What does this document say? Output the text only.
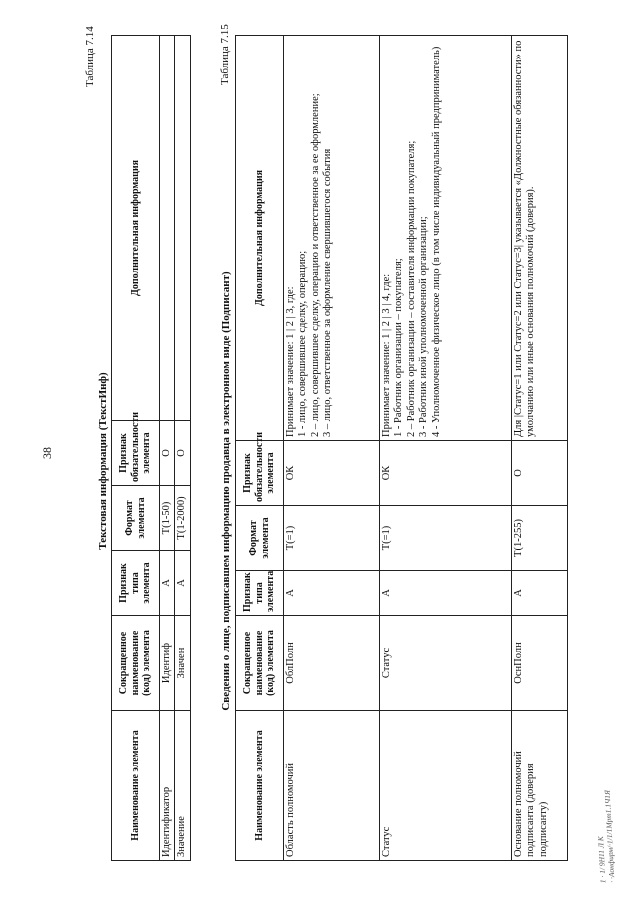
38
Таблица 7.14
Текстовая информация (ТекстИнф)
Наименование элемента	Сокращенное наименование (код) элемента	Признак типа элемента	Формат элемента	Признак обязательности элемента	Дополнительная информация
Идентификатор	Идентиф	А	Т(1-50)	О	
Значение	Значен	А	Т(1-2000)	О	
Таблица 7.15
Сведения о лице, подписавшем информацию продавца в электронном виде (Подписант)
Наименование элемента	Сокращенное наименование (код) элемента	Признак типа элемента	Формат элемента	Признак обязательности элемента	Дополнительная информация
Область полномочий	ОблПолн	А	Т(=1)	ОК	Принимает значение: 1 | 2 | 3, где:
1 - лицо, совершившее сделку, операцию;
2 – лицо, совершившее сделку, операцию и ответственное за ее оформление;
3 – лицо, ответственное за оформление свершившегося события
Статус	Статус	А	Т(=1)	ОК	Принимает значение: 1 | 2 | 3 | 4, где:
1 - Работник организации – покупателя;
2 – Работник организации – составителя информации покупателя;
3 - Работник иной уполномоченной организации;
4 - Уполномоченное физическое лицо (в том числе индивидуальный предприниматель)
Основание полномочий подписанта (доверия подписанту)	ОснПолн	А	Т(1-255)	О	Для |Статус=1 или Статус=2 или Статус=3| указывается «Должностные обязанности» по умолчанию или иные основания полномочий (доверия).
1 · 1/ 9Н11 Л К
· ·Аонфирм/·1/1/1Мрт1.1Ч1Я
